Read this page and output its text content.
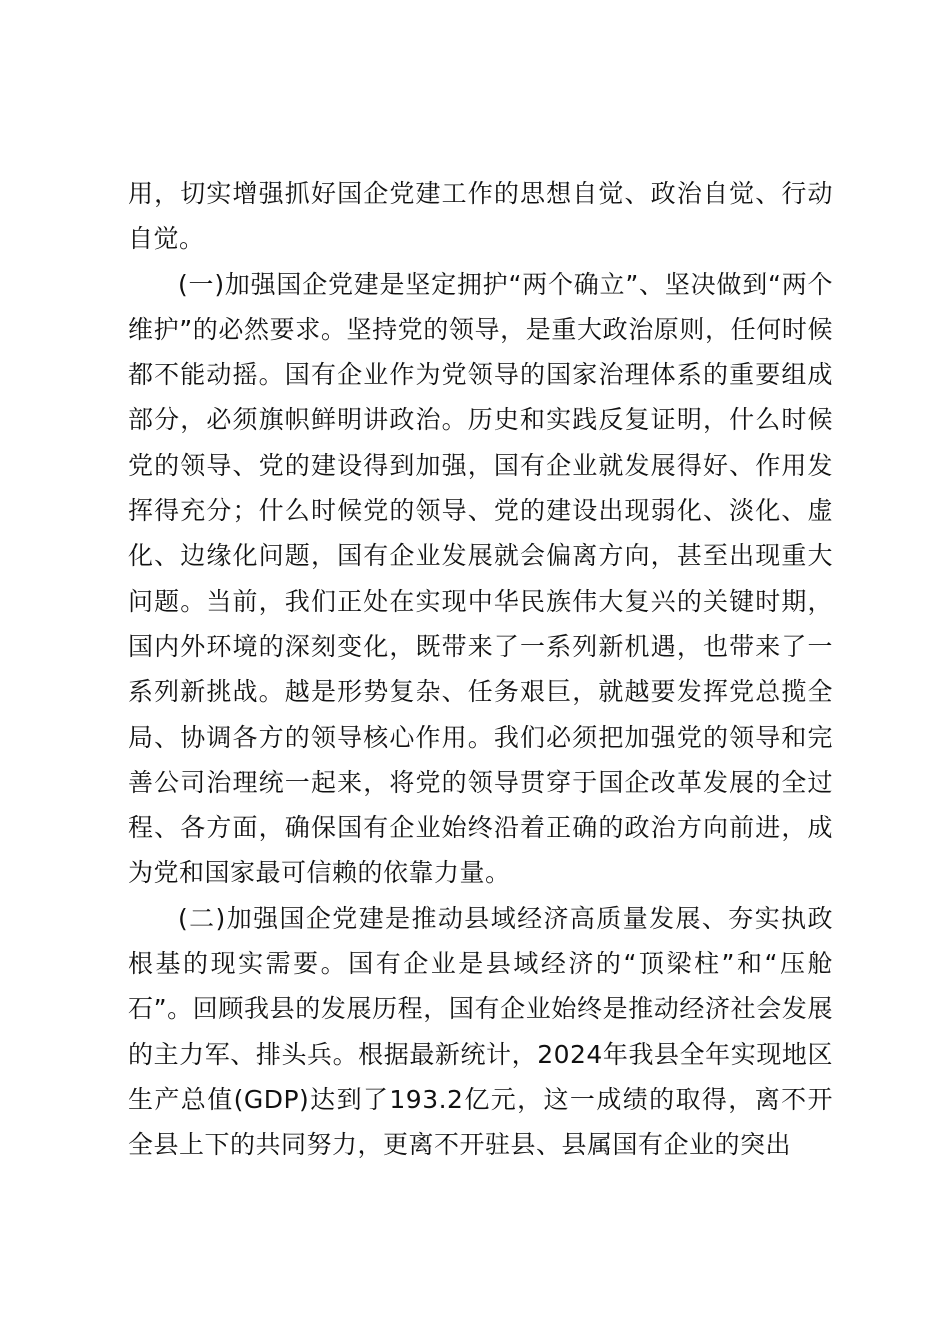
用，切实增强抓好国企党建工作的思想自觉、政治自觉、行动自觉。

(一)加强国企党建是坚定拥护“两个确立”、坚决做到“两个维护”的必然要求。坚持党的领导，是重大政治原则，任何时候都不能动摇。国有企业作为党领导的国家治理体系的重要组成部分，必须旗帜鲜明讲政治。历史和实践反复证明，什么时候党的领导、党的建设得到加强，国有企业就发展得好、作用发挥得充分；什么时候党的领导、党的建设出现弱化、淡化、虚化、边缘化问题，国有企业发展就会偏离方向，甚至出现重大问题。当前，我们正处在实现中华民族伟大复兴的关键时期，国内外环境的深刻变化，既带来了一系列新机遇，也带来了一系列新挑战。越是形势复杂、任务艰巨，就越要发挥党总揽全局、协调各方的领导核心作用。我们必须把加强党的领导和完善公司治理统一起来，将党的领导贯穿于国企改革发展的全过程、各方面，确保国有企业始终沿着正确的政治方向前进，成为党和国家最可信赖的依靠力量。

(二)加强国企党建是推动县域经济高质量发展、夯实执政根基的现实需要。国有企业是县域经济的“顶梁柱”和“压舱石”。回顾我县的发展历程，国有企业始终是推动经济社会发展的主力军、排头兵。根据最新统计，2024年我县全年实现地区生产总值(GDP)达到了193.2亿元，这一成绩的取得，离不开全县上下的共同努力，更离不开驻县、县属国有企业的突出
